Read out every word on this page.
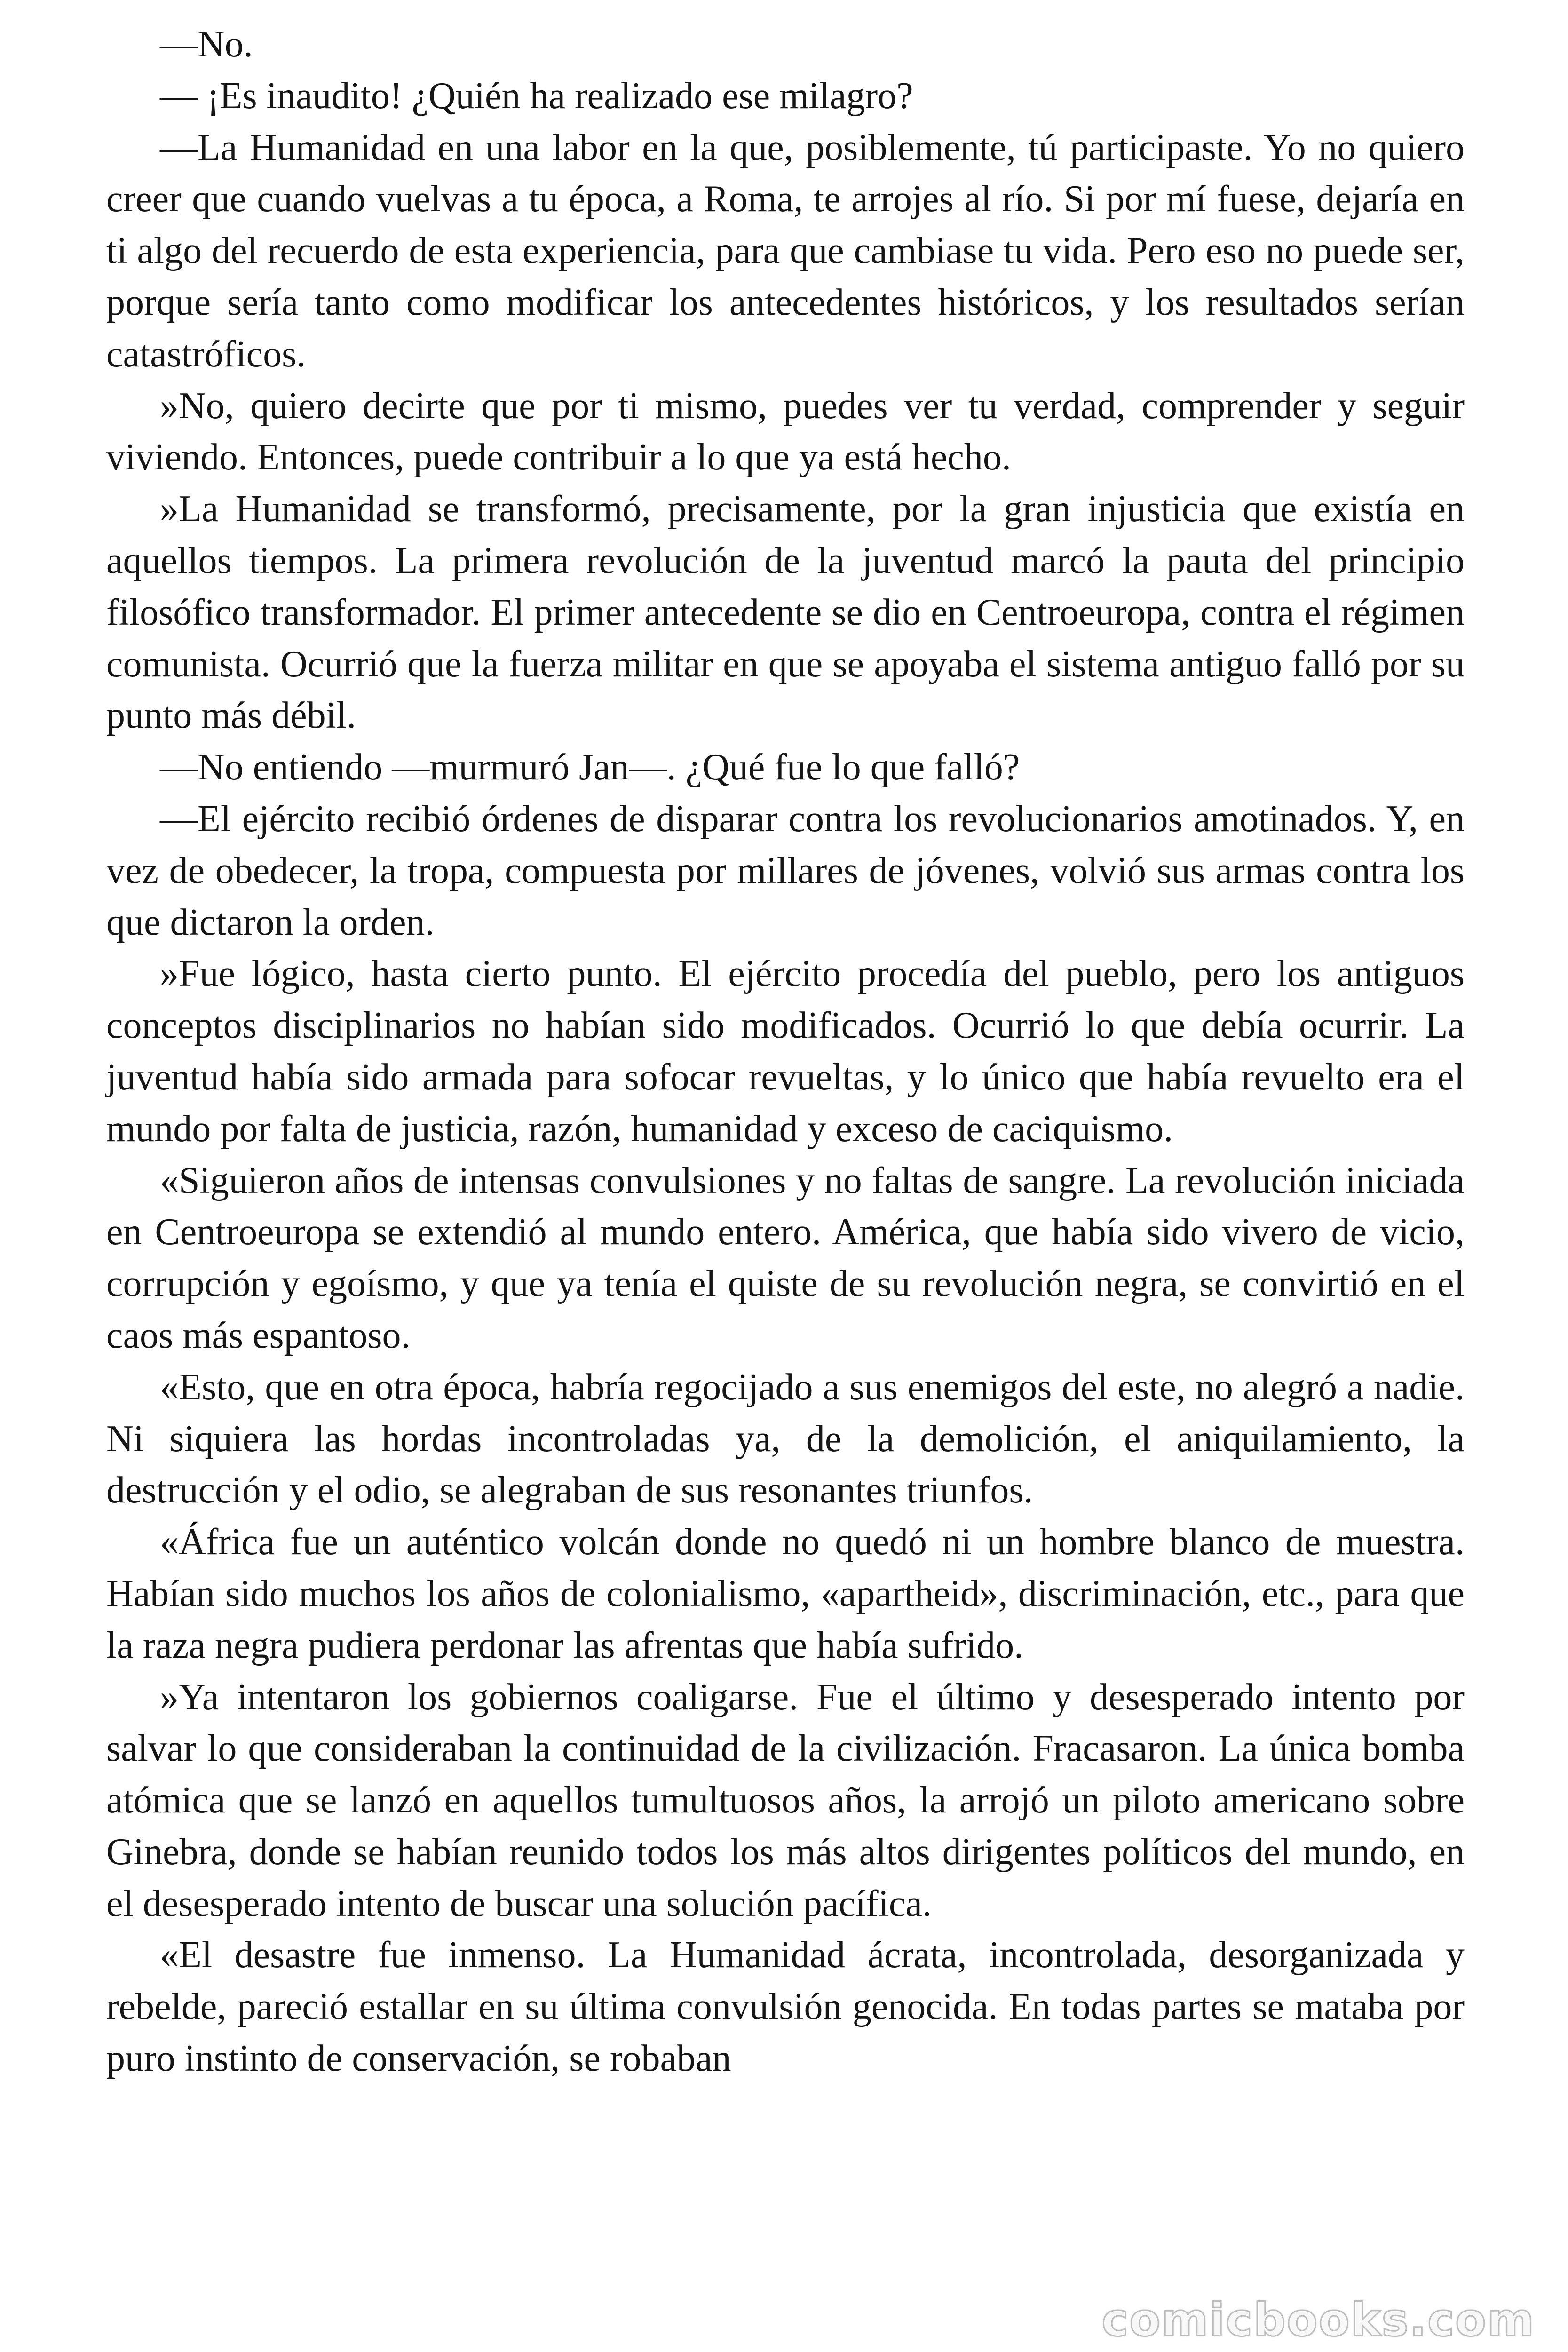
—No.

— ¡Es inaudito! ¿Quién ha realizado ese milagro?

—La Humanidad en una labor en la que, posiblemente, tú participaste. Yo no quiero creer que cuando vuelvas a tu época, a Roma, te arrojes al río. Si por mí fuese, dejaría en ti algo del recuerdo de esta experiencia, para que cambiase tu vida. Pero eso no puede ser, porque sería tanto como modificar los antecedentes históricos, y los resultados serían catastróficos.

»No, quiero decirte que por ti mismo, puedes ver tu verdad, comprender y seguir viviendo. Entonces, puede contribuir a lo que ya está hecho.

»La Humanidad se transformó, precisamente, por la gran injusticia que existía en aquellos tiempos. La primera revolución de la juventud marcó la pauta del principio filosófico transformador. El primer antecedente se dio en Centroeuropa, contra el régimen comunista. Ocurrió que la fuerza militar en que se apoyaba el sistema antiguo falló por su punto más débil.

—No entiendo —murmuró Jan—. ¿Qué fue lo que falló?

—El ejército recibió órdenes de disparar contra los revolucionarios amotinados. Y, en vez de obedecer, la tropa, compuesta por millares de jóvenes, volvió sus armas contra los que dictaron la orden.

»Fue lógico, hasta cierto punto. El ejército procedía del pueblo, pero los antiguos conceptos disciplinarios no habían sido modificados. Ocurrió lo que debía ocurrir. La juventud había sido armada para sofocar revueltas, y lo único que había revuelto era el mundo por falta de justicia, razón, humanidad y exceso de caciquismo.

«Siguieron años de intensas convulsiones y no faltas de sangre. La revolución iniciada en Centroeuropa se extendió al mundo entero. América, que había sido vivero de vicio, corrupción y egoísmo, y que ya tenía el quiste de su revolución negra, se convirtió en el caos más espantoso.

«Esto, que en otra época, habría regocijado a sus enemigos del este, no alegró a nadie. Ni siquiera las hordas incontroladas ya, de la demolición, el aniquilamiento, la destrucción y el odio, se alegraban de sus resonantes triunfos.

«África fue un auténtico volcán donde no quedó ni un hombre blanco de muestra. Habían sido muchos los años de colonialismo, «apartheid», discriminación, etc., para que la raza negra pudiera perdonar las afrentas que había sufrido.

»Ya intentaron los gobiernos coaligarse. Fue el último y desesperado intento por salvar lo que consideraban la continuidad de la civilización. Fracasaron. La única bomba atómica que se lanzó en aquellos tumultuosos años, la arrojó un piloto americano sobre Ginebra, donde se habían reunido todos los más altos dirigentes políticos del mundo, en el desesperado intento de buscar una solución pacífica.

«El desastre fue inmenso. La Humanidad ácrata, incontrolada, desorganizada y rebelde, pareció estallar en su última convulsión genocida. En todas partes se mataba por puro instinto de conservación, se robaban

comicbooks.com
